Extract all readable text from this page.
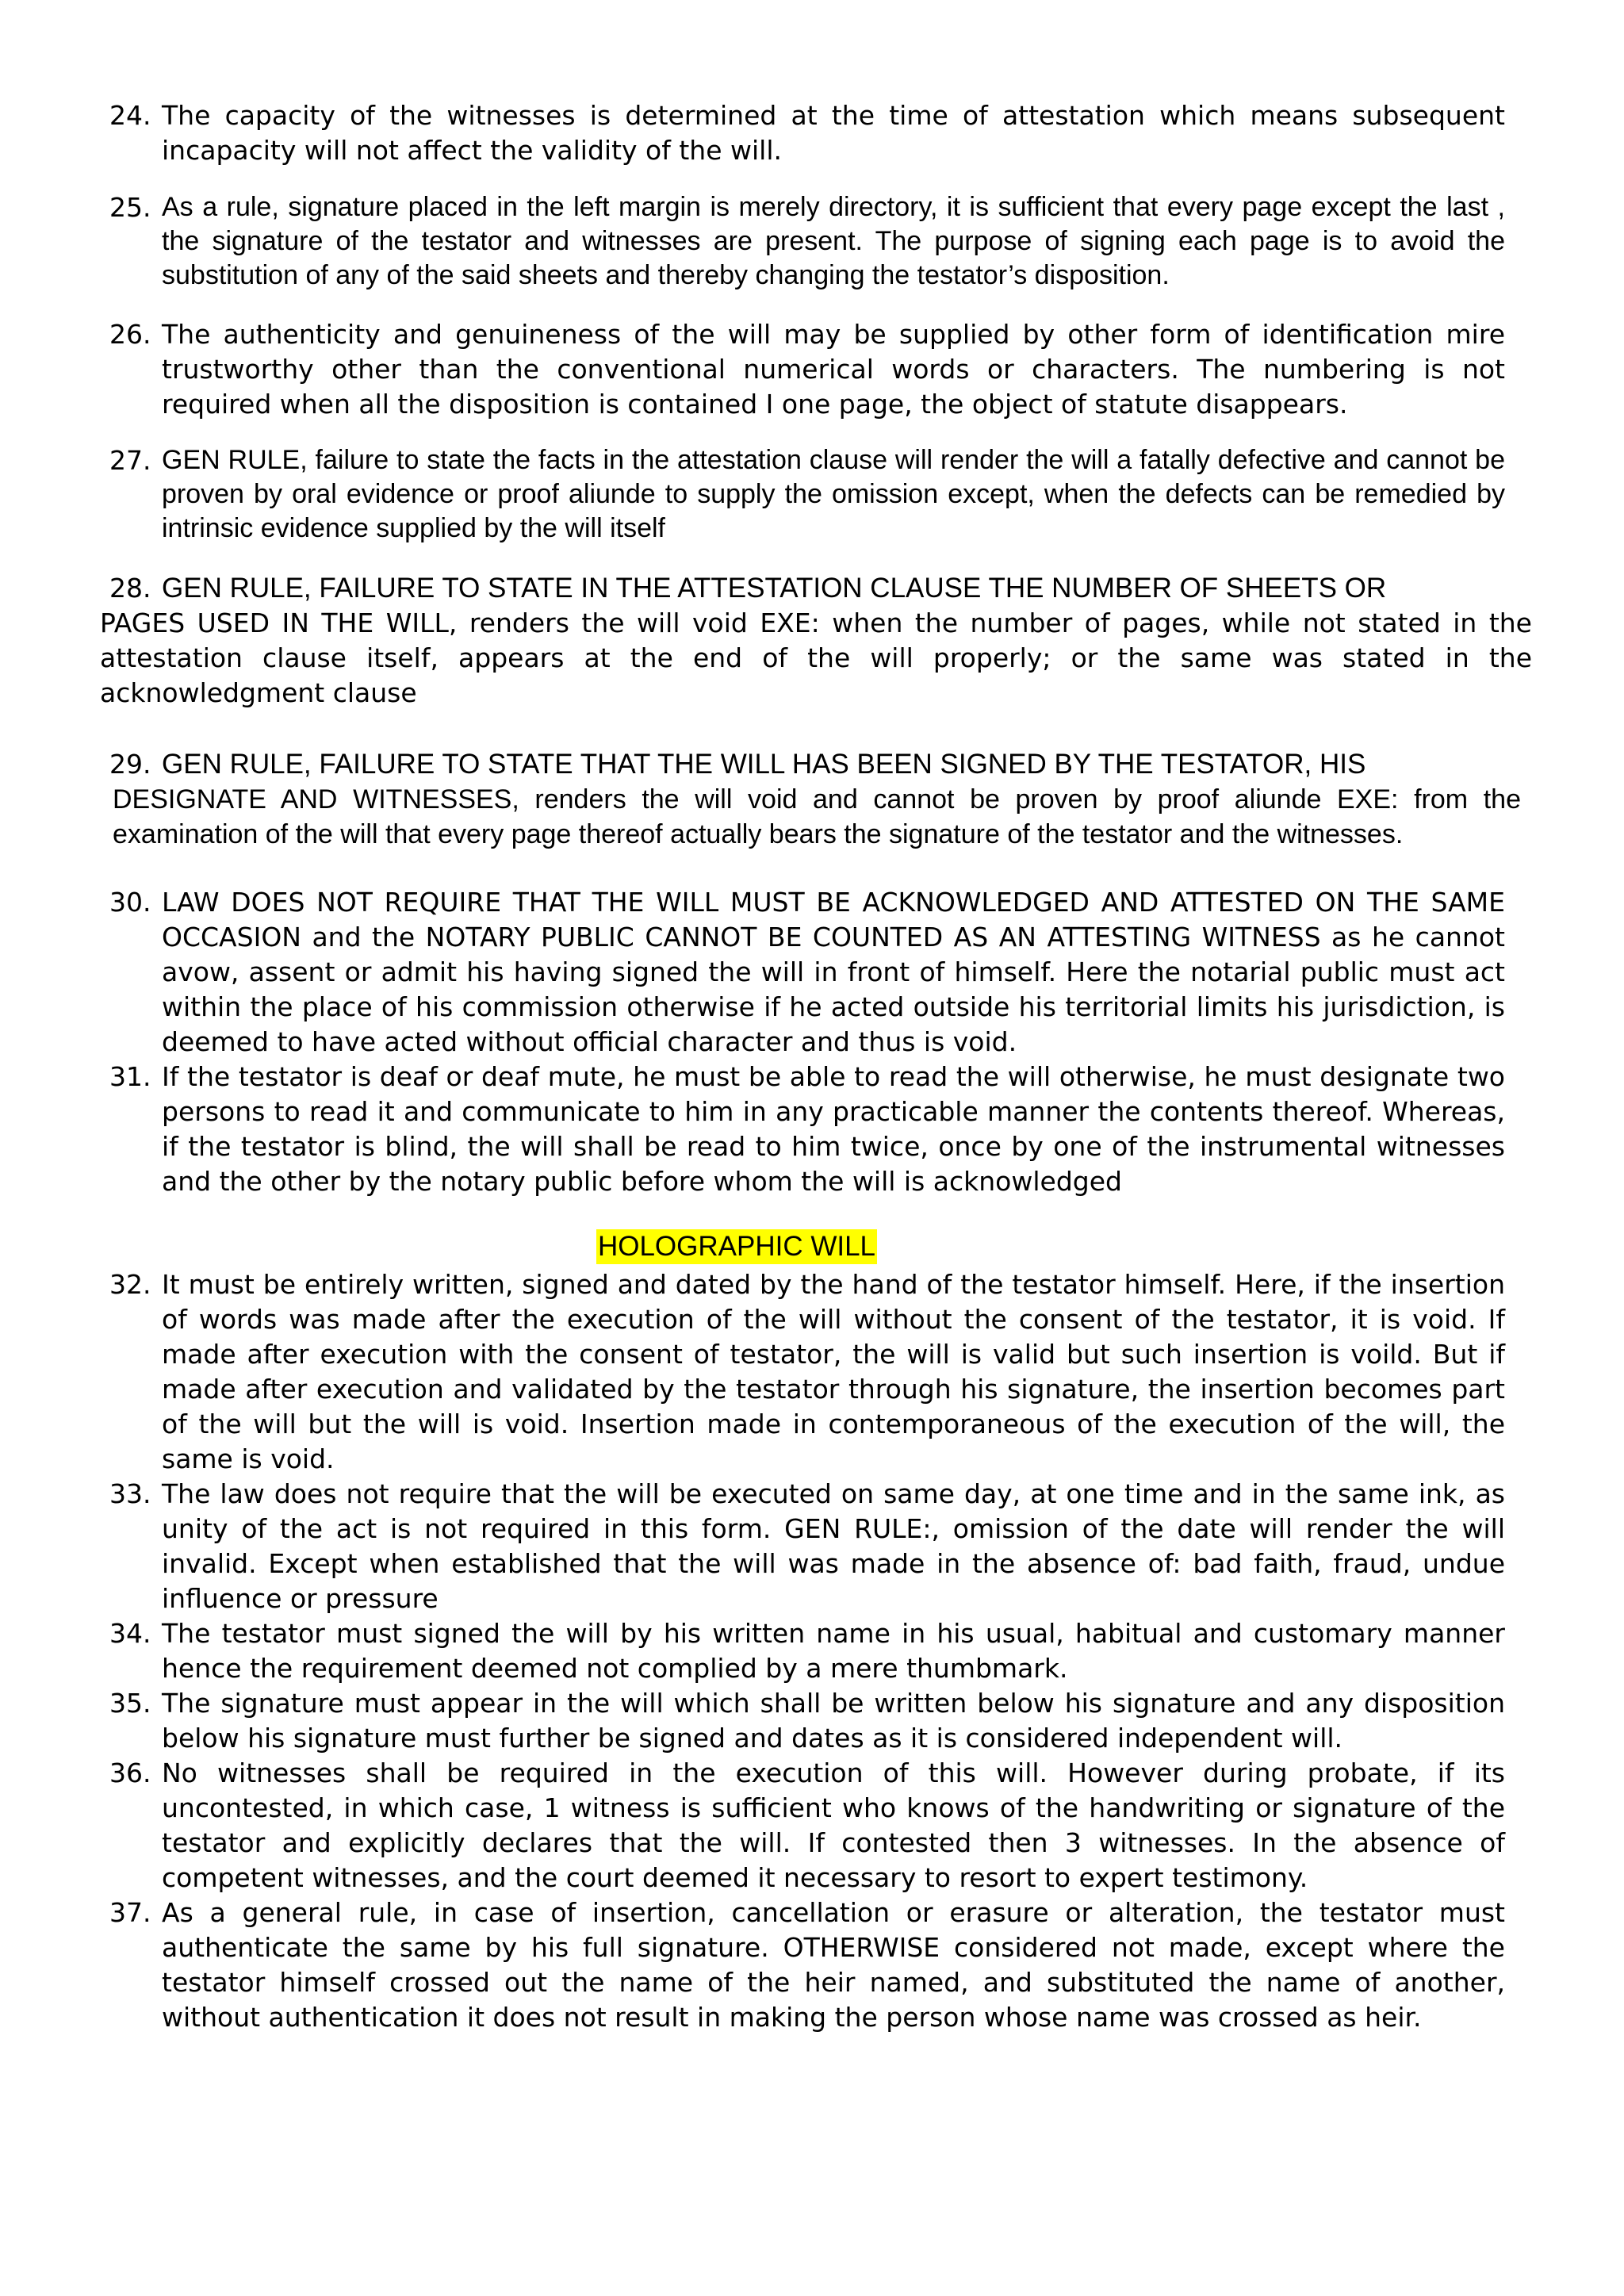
24. The capacity of the witnesses is determined at the time of attestation which means subsequent incapacity will not affect the validity of the will.
25. As a rule, signature placed in the left margin is merely directory, it is sufficient that every page except the last , the signature of the testator and witnesses are present. The purpose of signing each page is to avoid the substitution of any of the said sheets and thereby changing the testator’s disposition.
26. The authenticity and genuineness of the will may be supplied by other form of identification mire trustworthy other than the conventional numerical words or characters. The numbering is not required when all the disposition is contained I one page, the object of statute disappears.
27. GEN RULE, failure to state the facts in the attestation clause will render the will a fatally defective and cannot be proven by oral evidence or proof aliunde to supply the omission except, when the defects can be remedied by intrinsic evidence supplied by the will itself
28. GEN RULE, FAILURE TO STATE IN THE ATTESTATION CLAUSE THE NUMBER OF SHEETS OR
PAGES USED IN THE WILL, renders the will void EXE: when the number of pages, while not stated in the attestation clause itself, appears at the end of the will properly; or the same was stated in the acknowledgment clause
29. GEN RULE, FAILURE TO STATE THAT THE WILL HAS BEEN SIGNED BY THE TESTATOR, HIS
DESIGNATE AND WITNESSES, renders the will void and cannot be proven by proof aliunde EXE: from the examination of the will that every page thereof actually bears the signature of the testator and the witnesses.
30. LAW DOES NOT REQUIRE THAT THE WILL MUST BE ACKNOWLEDGED AND ATTESTED ON THE SAME OCCASION and the NOTARY PUBLIC CANNOT BE COUNTED AS AN ATTESTING WITNESS as he cannot avow, assent or admit his having signed the will in front of himself. Here the notarial public must act within the place of his commission otherwise if he acted outside his territorial limits his jurisdiction, is deemed to have acted without official character and thus is void.
31. If the testator is deaf or deaf mute, he must be able to read the will otherwise, he must designate two persons to read it and communicate to him in any practicable manner the contents thereof. Whereas, if the testator is blind, the will shall be read to him twice, once by one of the instrumental witnesses and the other by the notary public before whom the will is acknowledged
HOLOGRAPHIC WILL
32. It must be entirely written, signed and dated by the hand of the testator himself. Here, if the insertion of words was made after the execution of the will without the consent of the testator, it is void. If made after execution with the consent of testator, the will is valid but such insertion is voild. But if made after execution and validated by the testator through his signature, the insertion becomes part of the will but the will is void. Insertion made in contemporaneous of the execution of the will, the same is void.
33. The law does not require that the will be executed on same day, at one time and in the same ink, as unity of the act is not required in this form. GEN RULE:, omission of the date will render the will invalid. Except when established that the will was made in the absence of: bad faith, fraud, undue influence or pressure
34. The testator must signed the will by his written name in his usual, habitual and customary manner hence the requirement deemed not complied by a mere thumbmark.
35. The signature must appear in the will which shall be written below his signature and any disposition below his signature must further be signed and dates as it is considered independent will.
36. No witnesses shall be required in the execution of this will. However during probate, if its uncontested, in which case, 1 witness is sufficient who knows of the handwriting or signature of the testator and explicitly declares that the will. If contested then 3 witnesses. In the absence of competent witnesses, and the court deemed it necessary to resort to expert testimony.
37. As a general rule, in case of insertion, cancellation or erasure or alteration, the testator must authenticate the same by his full signature. OTHERWISE considered not made, except where the testator himself crossed out the name of the heir named, and substituted the name of another, without authentication it does not result in making the person whose name was crossed as heir.
